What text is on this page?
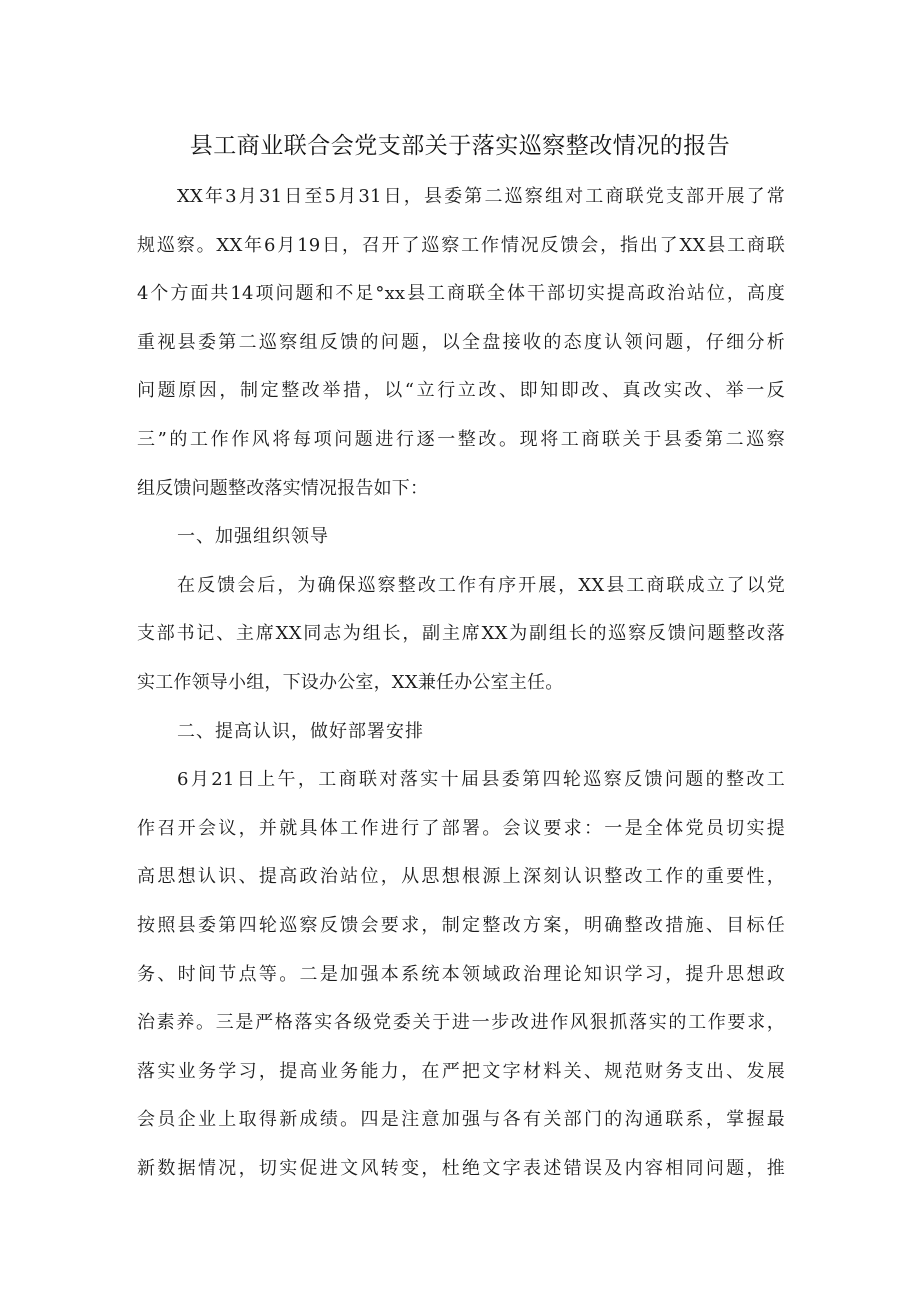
县工商业联合会党支部关于落实巡察整改情况的报告
XX年3月31日至5月31日，县委第二巡察组对工商联党支部开展了常
规巡察。XX年6月19日，召开了巡察工作情况反馈会，指出了XX县工商联
4个方面共14项问题和不足°xx县工商联全体干部切实提高政治站位，高度
重视县委第二巡察组反馈的问题，以全盘接收的态度认领问题，仔细分析
问题原因，制定整改举措，以“立行立改、即知即改、真改实改、举一反
三”的工作作风将每项问题进行逐一整改。现将工商联关于县委第二巡察
组反馈问题整改落实情况报告如下：
一、加强组织领导
在反馈会后，为确保巡察整改工作有序开展，XX县工商联成立了以党
支部书记、主席XX同志为组长，副主席XX为副组长的巡察反馈问题整改落
实工作领导小组，下设办公室，XX兼任办公室主任。
二、提高认识，做好部署安排
6月21日上午，工商联对落实十届县委第四轮巡察反馈问题的整改工
作召开会议，并就具体工作进行了部署。会议要求：一是全体党员切实提
高思想认识、提高政治站位，从思想根源上深刻认识整改工作的重要性，
按照县委第四轮巡察反馈会要求，制定整改方案，明确整改措施、目标任
务、时间节点等。二是加强本系统本领域政治理论知识学习，提升思想政
治素养。三是严格落实各级党委关于进一步改进作风狠抓落实的工作要求，
落实业务学习，提高业务能力，在严把文字材料关、规范财务支出、发展
会员企业上取得新成绩。四是注意加强与各有关部门的沟通联系，掌握最
新数据情况，切实促进文风转变，杜绝文字表述错误及内容相同问题，推
